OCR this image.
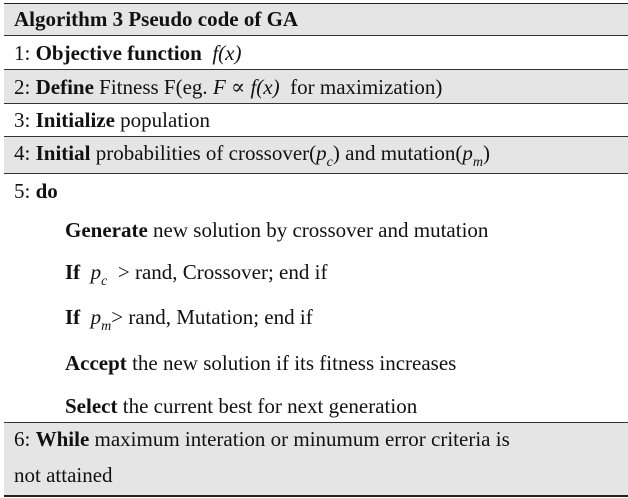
Algorithm 3 Pseudo code of GA
1: Objective function f(x)
2: Define Fitness F(eg. F ∝ f(x) for maximization)
3: Initialize population
4: Initial probabilities of $crossover(p_c)$ and $mutation(p_m)$
5: do
Generate new solution by crossover and mutation
If $p_c$ > rand, Crossover; end if
If $p_m>$ rand, Mutation; end if
Accept the new solution if its fitness increases
Select the current best for next generation
6: While maximum interation or minumum error criteria is
not attained
